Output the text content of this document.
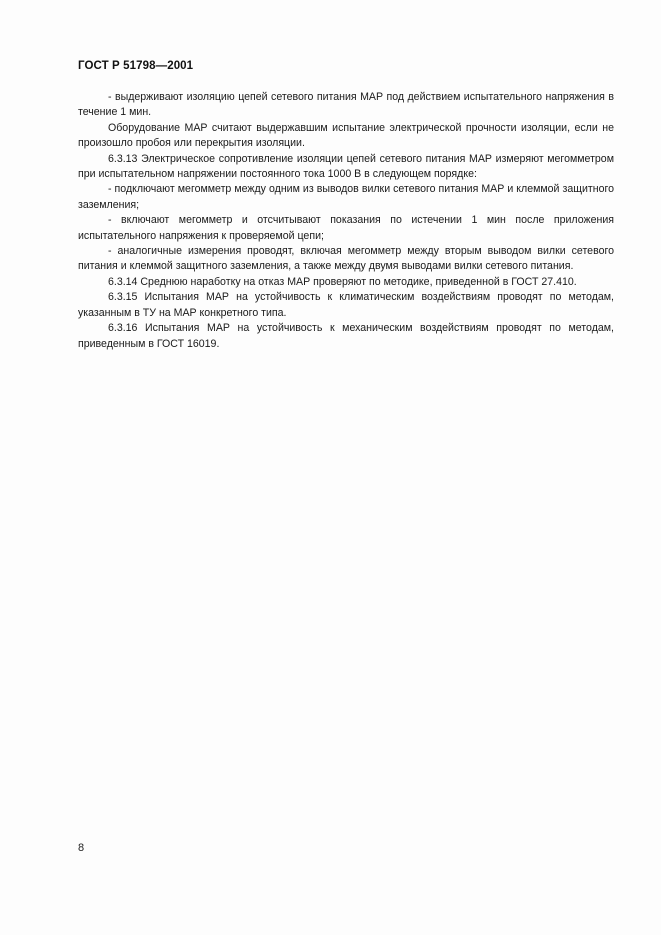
ГОСТ Р 51798—2001

- выдерживают изоляцию цепей сетевого питания МАР под действием испытательного напряжения в течение 1 мин.

Оборудование МАР считают выдержавшим испытание электрической прочности изоляции, если не произошло пробоя или перекрытия изоляции.

6.3.13 Электрическое сопротивление изоляции цепей сетевого питания МАР измеряют мегомметром при испытательном напряжении постоянного тока 1000 В в следующем порядке:

- подключают мегомметр между одним из выводов вилки сетевого питания МАР и клеммой защитного заземления;

- включают мегомметр и отсчитывают показания по истечении 1 мин после приложения испытательного напряжения к проверяемой цепи;

- аналогичные измерения проводят, включая мегомметр между вторым выводом вилки сетевого питания и клеммой защитного заземления, а также между двумя выводами вилки сетевого питания.

6.3.14 Среднюю наработку на отказ МАР проверяют по методике, приведенной в ГОСТ 27.410.

6.3.15 Испытания МАР на устойчивость к климатическим воздействиям проводят по методам, указанным в ТУ на МАР конкретного типа.

6.3.16 Испытания МАР на устойчивость к механическим воздействиям проводят по методам, приведенным в ГОСТ 16019.

8
